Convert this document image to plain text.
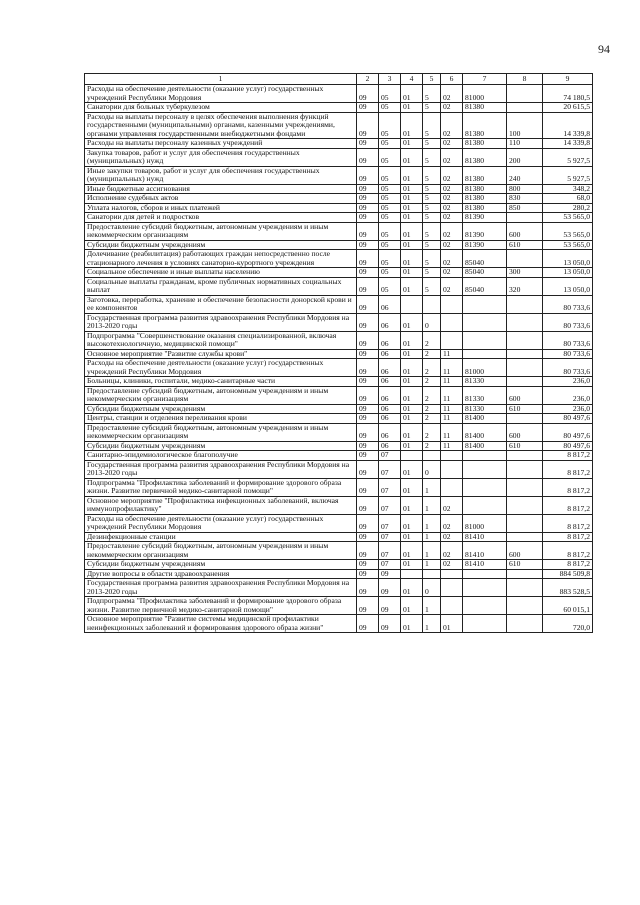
94
1	2	3	4	5	6	7	8	9
Расходы на обеспечение деятельности (оказание услуг) государственных учреждений Республики Мордовия	09	05	01	5	02	81000		74 180,5
Санатории для больных туберкулезом	09	05	01	5	02	81380		20 615,5
Расходы на выплаты персоналу в целях обеспечения выполнения функций государственными (муниципальными) органами, казенными учреждениями, органами управления государственными внебюджетными фондами	09	05	01	5	02	81380	100	14 339,8
Расходы на выплаты персоналу казенных учреждений	09	05	01	5	02	81380	110	14 339,8
Закупка товаров, работ и услуг для обеспечения государственных (муниципальных) нужд	09	05	01	5	02	81380	200	5 927,5
Иные закупки товаров, работ и услуг для обеспечения государственных (муниципальных) нужд	09	05	01	5	02	81380	240	5 927,5
Иные бюджетные ассигнования	09	05	01	5	02	81380	800	348,2
Исполнение судебных актов	09	05	01	5	02	81380	830	68,0
Уплата налогов, сборов и иных платежей	09	05	01	5	02	81380	850	280,2
Санатории для детей и подростков	09	05	01	5	02	81390		53 565,0
Предоставление субсидий бюджетным, автономным учреждениям и иным некоммерческим организациям	09	05	01	5	02	81390	600	53 565,0
Субсидии бюджетным учреждениям	09	05	01	5	02	81390	610	53 565,0
Долечивание (реабилитация) работающих граждан непосредственно после стационарного лечения в условиях санаторно-курортного учреждения	09	05	01	5	02	85040		13 050,0
Социальное обеспечение и иные выплаты населению	09	05	01	5	02	85040	300	13 050,0
Социальные выплаты гражданам, кроме публичных нормативных социальных выплат	09	05	01	5	02	85040	320	13 050,0
Заготовка, переработка, хранение и обеспечение безопасности донорской крови и ее компонентов	09	06						80 733,6
Государственная программа развития здравоохранения Республики Мордовия на 2013-2020 годы	09	06	01	0				80 733,6
Подпрограмма "Совершенствование оказания специализированной, включая высокотехнологичную, медицинской помощи"	09	06	01	2				80 733,6
Основное мероприятие "Развитие службы крови"	09	06	01	2	11			80 733,6
Расходы на обеспечение деятельности (оказание услуг) государственных учреждений Республики Мордовия	09	06	01	2	11	81000		80 733,6
Больницы, клиники, госпитали, медико-санитарные части	09	06	01	2	11	81330		236,0
Предоставление субсидий бюджетным, автономным учреждениям и иным некоммерческим организациям	09	06	01	2	11	81330	600	236,0
Субсидии бюджетным учреждениям	09	06	01	2	11	81330	610	236,0
Центры, станции и отделения переливания крови	09	06	01	2	11	81400		80 497,6
Предоставление субсидий бюджетным, автономным учреждениям и иным некоммерческим организациям	09	06	01	2	11	81400	600	80 497,6
Субсидии бюджетным учреждениям	09	06	01	2	11	81400	610	80 497,6
Санитарно-эпидемиологическое благополучие	09	07						8 817,2
Государственная программа развития здравоохранения Республики Мордовия на 2013-2020 годы	09	07	01	0				8 817,2
Подпрограмма "Профилактика заболеваний и формирование здорового образа жизни. Развитие первичной медико-санитарной помощи"	09	07	01	1				8 817,2
Основное мероприятие "Профилактика инфекционных заболеваний, включая иммунопрофилактику"	09	07	01	1	02			8 817,2
Расходы на обеспечение деятельности (оказание услуг) государственных учреждений Республики Мордовия	09	07	01	1	02	81000		8 817,2
Дезинфекционные станции	09	07	01	1	02	81410		8 817,2
Предоставление субсидий бюджетным, автономным учреждениям и иным некоммерческим организациям	09	07	01	1	02	81410	600	8 817,2
Субсидии бюджетным учреждениям	09	07	01	1	02	81410	610	8 817,2
Другие вопросы в области здравоохранения	09	09						884 509,8
Государственная программа развития здравоохранения Республики Мордовия на 2013-2020 годы	09	09	01	0				883 528,5
Подпрограмма "Профилактика заболеваний и формирование здорового образа жизни. Развитие первичной медико-санитарной помощи"	09	09	01	1				60 015,1
Основное мероприятие "Развитие системы медицинской профилактики неинфекционных заболеваний и формирования здорового образа жизни"	09	09	01	1	01			720,0
